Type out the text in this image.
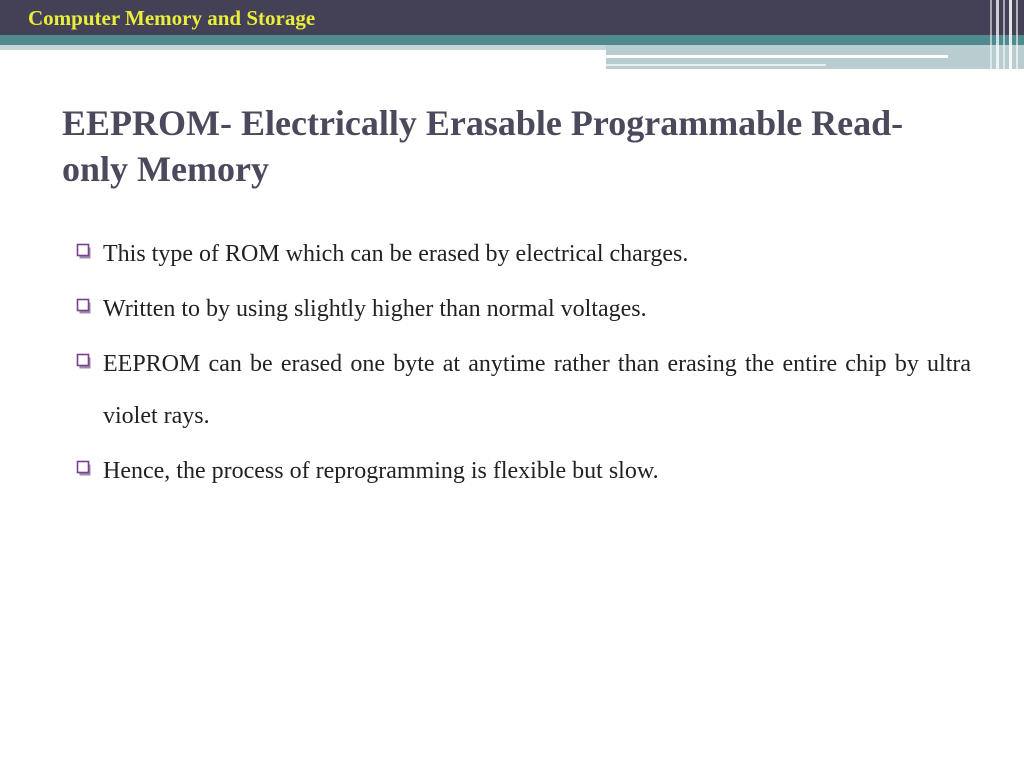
Computer Memory and Storage
EEPROM- Electrically Erasable Programmable Read-only Memory
This type of ROM which can be erased by electrical charges.
Written to by using slightly higher than normal voltages.
EEPROM can be erased one byte at anytime rather than erasing the entire chip by ultra violet rays.
Hence, the process of reprogramming is flexible but slow.
